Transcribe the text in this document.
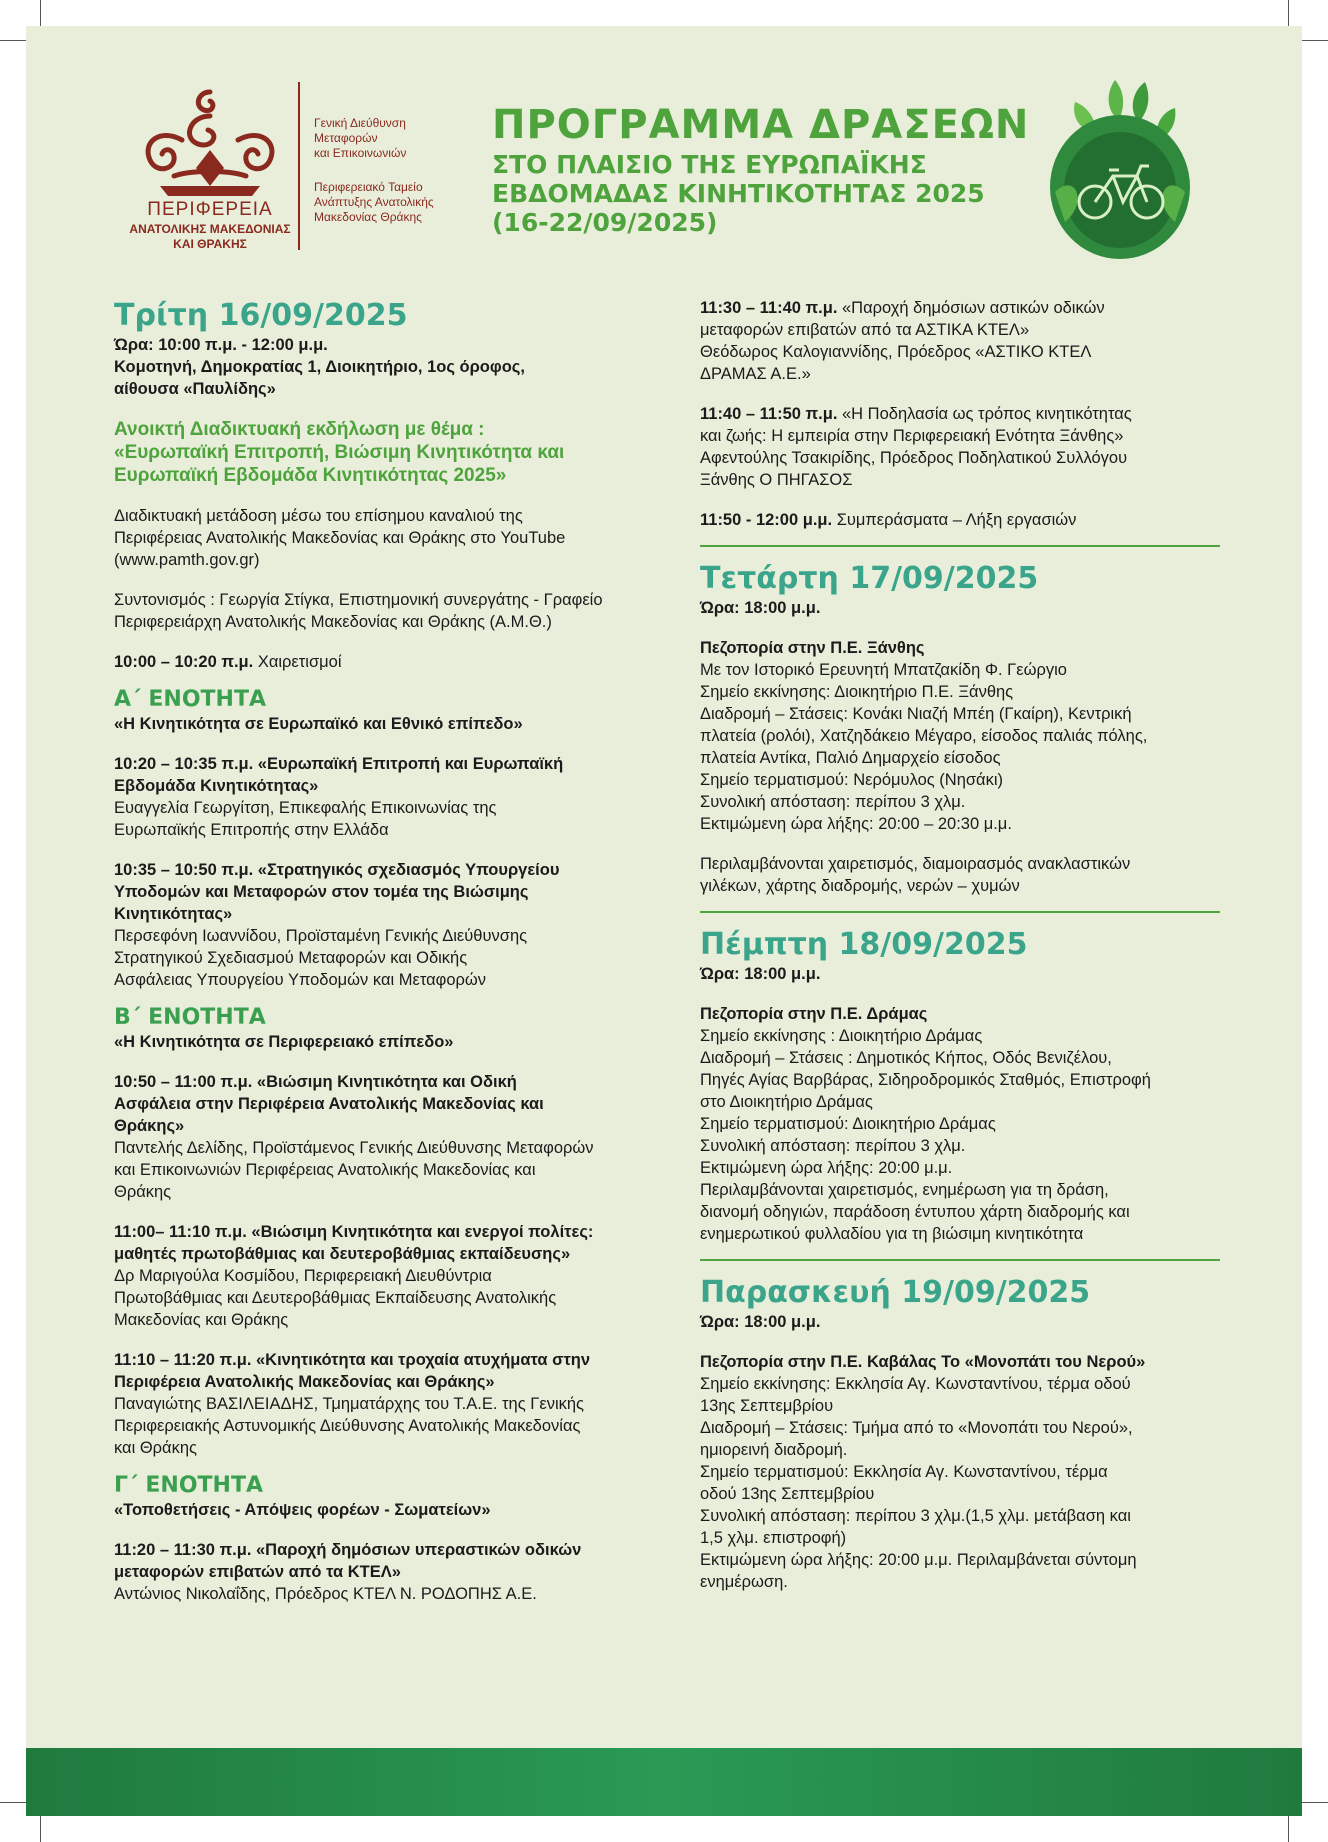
ΠΕΡΙΦΕΡΕΙΑ
ΑΝΑΤΟΛΙΚΗΣ ΜΑΚΕΔΟΝΙΑΣ
ΚΑΙ ΘΡΑΚΗΣ
Γενική Διεύθυνση
Μεταφορών
και Επικοινωνιών
Περιφερειακό Ταμείο
Ανάπτυξης Ανατολικής
Μακεδονίας Θράκης
ΠΡΟΓΡΑΜΜΑ ΔΡΑΣΕΩΝ
ΣΤΟ ΠΛΑΙΣΙΟ ΤΗΣ ΕΥΡΩΠΑΪΚΗΣ
ΕΒΔΟΜΑΔΑΣ ΚΙΝΗΤΙΚΟΤΗΤΑΣ 2025
(16-22/09/2025)
Τρίτη 16/09/2025

Ώρα: 10:00 π.μ. - 12:00 μ.μ.

Κομοτηνή, Δημοκρατίας 1, Διοικητήριο, 1ος όροφος,

αίθουσα «Παυλίδης»

Ανοικτή Διαδικτυακή εκδήλωση με θέμα :
«Ευρωπαϊκή Επιτροπή, Βιώσιμη Κινητικότητα και
Ευρωπαϊκή Εβδομάδα Κινητικότητας 2025»

Διαδικτυακή μετάδοση μέσω του επίσημου καναλιού της

Περιφέρειας Ανατολικής Μακεδονίας και Θράκης στο YouTube

(www.pamth.gov.gr)

Συντονισμός : Γεωργία Στίγκα, Επιστημονική συνεργάτης - Γραφείο

Περιφερειάρχη Ανατολικής Μακεδονίας και Θράκης (Α.Μ.Θ.)

10:00 – 10:20 π.μ. Χαιρετισμοί

Α΄ ΕΝΟΤΗΤΑ

«Η Κινητικότητα σε Ευρωπαϊκό και Εθνικό επίπεδο»

10:20 – 10:35 π.μ. «Ευρωπαϊκή Επιτροπή και Ευρωπαϊκή

Εβδομάδα Κινητικότητας»

Ευαγγελία Γεωργίτση, Επικεφαλής Επικοινωνίας της

Ευρωπαϊκής Επιτροπής στην Ελλάδα

10:35 – 10:50 π.μ. «Στρατηγικός σχεδιασμός Υπουργείου

Υποδομών και Μεταφορών στον τομέα της Βιώσιμης

Κινητικότητας»

Περσεφόνη Ιωαννίδου, Προϊσταμένη Γενικής Διεύθυνσης

Στρατηγικού Σχεδιασμού Μεταφορών και Οδικής

Ασφάλειας Υπουργείου Υποδομών και Μεταφορών

Β΄ ΕΝΟΤΗΤΑ

«Η Κινητικότητα σε Περιφερειακό επίπεδο»

10:50 – 11:00 π.μ. «Βιώσιμη Κινητικότητα και Οδική

Ασφάλεια στην Περιφέρεια Ανατολικής Μακεδονίας και

Θράκης»

Παντελής Δελίδης, Προϊστάμενος Γενικής Διεύθυνσης Μεταφορών

και Επικοινωνιών Περιφέρειας Ανατολικής Μακεδονίας και

Θράκης

11:00– 11:10 π.μ. «Βιώσιμη Κινητικότητα και ενεργοί πολίτες:

μαθητές πρωτοβάθμιας και δευτεροβάθμιας εκπαίδευσης»

Δρ Μαριγούλα Κοσμίδου, Περιφερειακή Διευθύντρια

Πρωτοβάθμιας και Δευτεροβάθμιας Εκπαίδευσης Ανατολικής

Μακεδονίας και Θράκης

11:10 – 11:20 π.μ. «Κινητικότητα και τροχαία ατυχήματα στην

Περιφέρεια Ανατολικής Μακεδονίας και Θράκης»

Παναγιώτης ΒΑΣΙΛΕΙΑΔΗΣ, Τμηματάρχης του Τ.Α.Ε. της Γενικής

Περιφερειακής Αστυνομικής Διεύθυνσης Ανατολικής Μακεδονίας

και Θράκης

Γ΄ ΕΝΟΤΗΤΑ

«Τοποθετήσεις - Απόψεις φορέων - Σωματείων»

11:20 – 11:30 π.μ. «Παροχή δημόσιων υπεραστικών οδικών

μεταφορών επιβατών από τα ΚΤΕΛ»

Αντώνιος Νικολαΐδης, Πρόεδρος ΚΤΕΛ Ν. ΡΟΔΟΠΗΣ Α.Ε.

11:30 – 11:40 π.μ. «Παροχή δημόσιων αστικών οδικών

μεταφορών επιβατών από τα ΑΣΤΙΚΑ ΚΤΕΛ»

Θεόδωρος Καλογιαννίδης, Πρόεδρος «ΑΣΤΙΚΟ ΚΤΕΛ

ΔΡΑΜΑΣ Α.Ε.»

11:40 – 11:50 π.μ. «Η Ποδηλασία ως τρόπος κινητικότητας

και ζωής: Η εμπειρία στην Περιφερειακή Ενότητα Ξάνθης»

Αφεντούλης Τσακιρίδης, Πρόεδρος Ποδηλατικού Συλλόγου

Ξάνθης Ο ΠΗΓΑΣΟΣ

11:50 - 12:00 μ.μ. Συμπεράσματα – Λήξη εργασιών

Τετάρτη 17/09/2025

Ώρα: 18:00 μ.μ.

Πεζοπορία στην Π.Ε. Ξάνθης

Με τον Ιστορικό Ερευνητή Μπατζακίδη Φ. Γεώργιο

Σημείο εκκίνησης: Διοικητήριο Π.Ε. Ξάνθης

Διαδρομή – Στάσεις: Κονάκι Νιαζή Μπέη (Γκαίρη), Κεντρική

πλατεία (ρολόι), Χατζηδάκειο Μέγαρο, είσοδος παλιάς πόλης,

πλατεία Αντίκα, Παλιό Δημαρχείο είσοδος

Σημείο τερματισμού: Νερόμυλος (Νησάκι)

Συνολική απόσταση: περίπου 3 χλμ.

Εκτιμώμενη ώρα λήξης: 20:00 – 20:30 μ.μ.

Περιλαμβάνονται χαιρετισμός, διαμοιρασμός ανακλαστικών

γιλέκων, χάρτης διαδρομής, νερών – χυμών

Πέμπτη 18/09/2025

Ώρα: 18:00 μ.μ.

Πεζοπορία στην Π.Ε. Δράμας

Σημείο εκκίνησης : Διοικητήριο Δράμας

Διαδρομή – Στάσεις : Δημοτικός Κήπος, Οδός Βενιζέλου,

Πηγές Αγίας Βαρβάρας, Σιδηροδρομικός Σταθμός, Επιστροφή

στο Διοικητήριο Δράμας

Σημείο τερματισμού: Διοικητήριο Δράμας

Συνολική απόσταση: περίπου 3 χλμ.

Εκτιμώμενη ώρα λήξης: 20:00 μ.μ.

Περιλαμβάνονται χαιρετισμός, ενημέρωση για τη δράση,

διανομή οδηγιών, παράδοση έντυπου χάρτη διαδρομής και

ενημερωτικού φυλλαδίου για τη βιώσιμη κινητικότητα

Παρασκευή 19/09/2025

Ώρα: 18:00 μ.μ.

Πεζοπορία στην Π.Ε. Καβάλας Το «Μονοπάτι του Νερού»

Σημείο εκκίνησης: Εκκλησία Αγ. Κωνσταντίνου, τέρμα οδού

13ης Σεπτεμβρίου

Διαδρομή – Στάσεις: Τμήμα από το «Μονοπάτι του Νερού»,

ημιορεινή διαδρομή.

Σημείο τερματισμού: Εκκλησία Αγ. Κωνσταντίνου, τέρμα

οδού 13ης Σεπτεμβρίου

Συνολική απόσταση: περίπου 3 χλμ.(1,5 χλμ. μετάβαση και

1,5 χλμ. επιστροφή)

Εκτιμώμενη ώρα λήξης: 20:00 μ.μ. Περιλαμβάνεται σύντομη

ενημέρωση.
